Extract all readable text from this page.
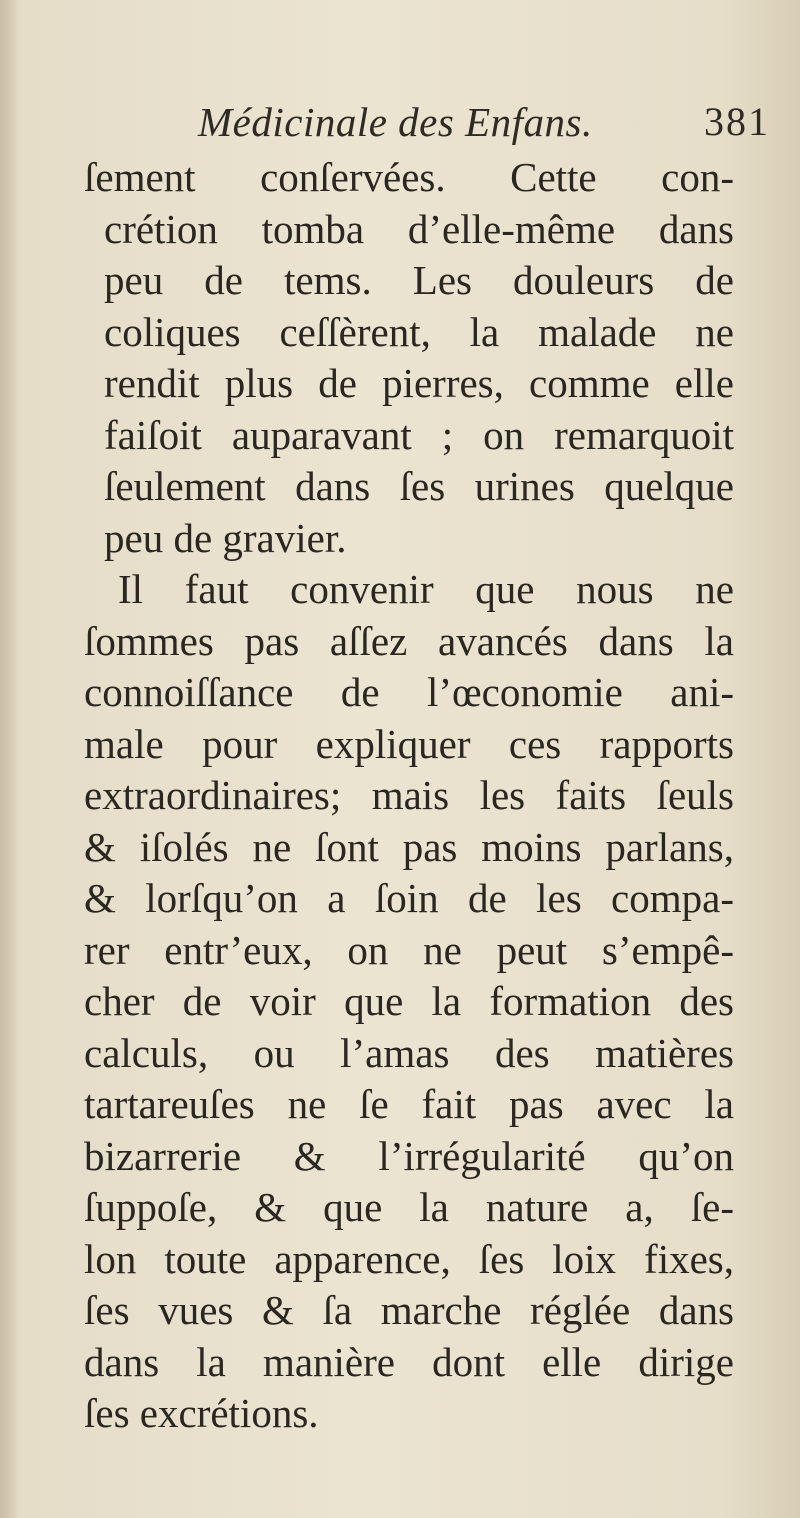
Médicinale des Enfans.	381
ſement conſervées. Cette con-
crétion tomba d’elle-même dans
peu de tems. Les douleurs de
coliques ceſſèrent, la malade ne
rendit plus de pierres, comme elle
faiſoit auparavant ; on remarquoit
ſeulement dans ſes urines quelque
peu de gravier.
Il faut convenir que nous ne
ſommes pas aſſez avancés dans la
connoiſſance de l’œconomie ani-
male pour expliquer ces rapports
extraordinaires; mais les faits ſeuls
& iſolés ne ſont pas moins parlans,
& lorſqu’on a ſoin de les compa-
rer entr’eux, on ne peut s’empê-
cher de voir que la formation des
calculs, ou l’amas des matières
tartareuſes ne ſe fait pas avec la
bizarrerie & l’irrégularité qu’on
ſuppoſe, & que la nature a, ſe-
lon toute apparence, ſes loix fixes,
ſes vues & ſa marche réglée dans
dans la manière dont elle dirige
ſes excrétions.
